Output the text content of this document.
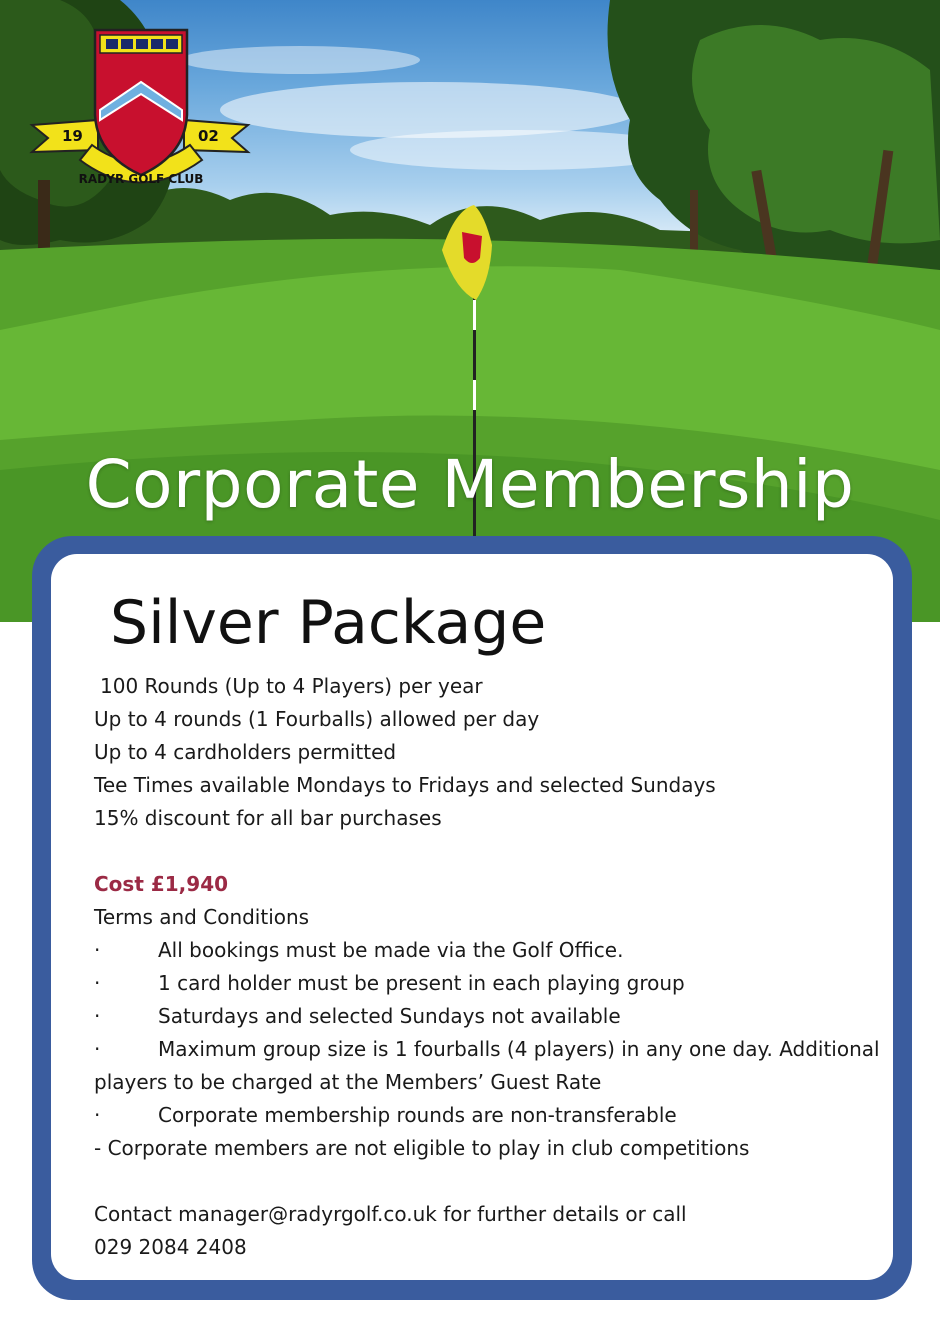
19	02
RADYR GOLF CLUB
Corporate Membership
Silver Package
100 Rounds (Up to 4 Players) per year
Up to 4 rounds (1 Fourballs) allowed per day
Up to 4 cardholders permitted
Tee Times available Mondays to Fridays and selected Sundays
15% discount for all bar purchases
Cost £1,940
Terms and Conditions
·	All bookings must be made via the Golf Office.
·	1 card holder must be present in each playing group
·	Saturdays and selected Sundays not available
·	Maximum group size is 1 fourballs (4 players) in any one day. Additional
players to be charged at the Members’ Guest Rate
·	Corporate membership rounds are non-transferable
- Corporate members are not eligible to play in club competitions
Contact manager@radyrgolf.co.uk for further details or call
029 2084 2408
